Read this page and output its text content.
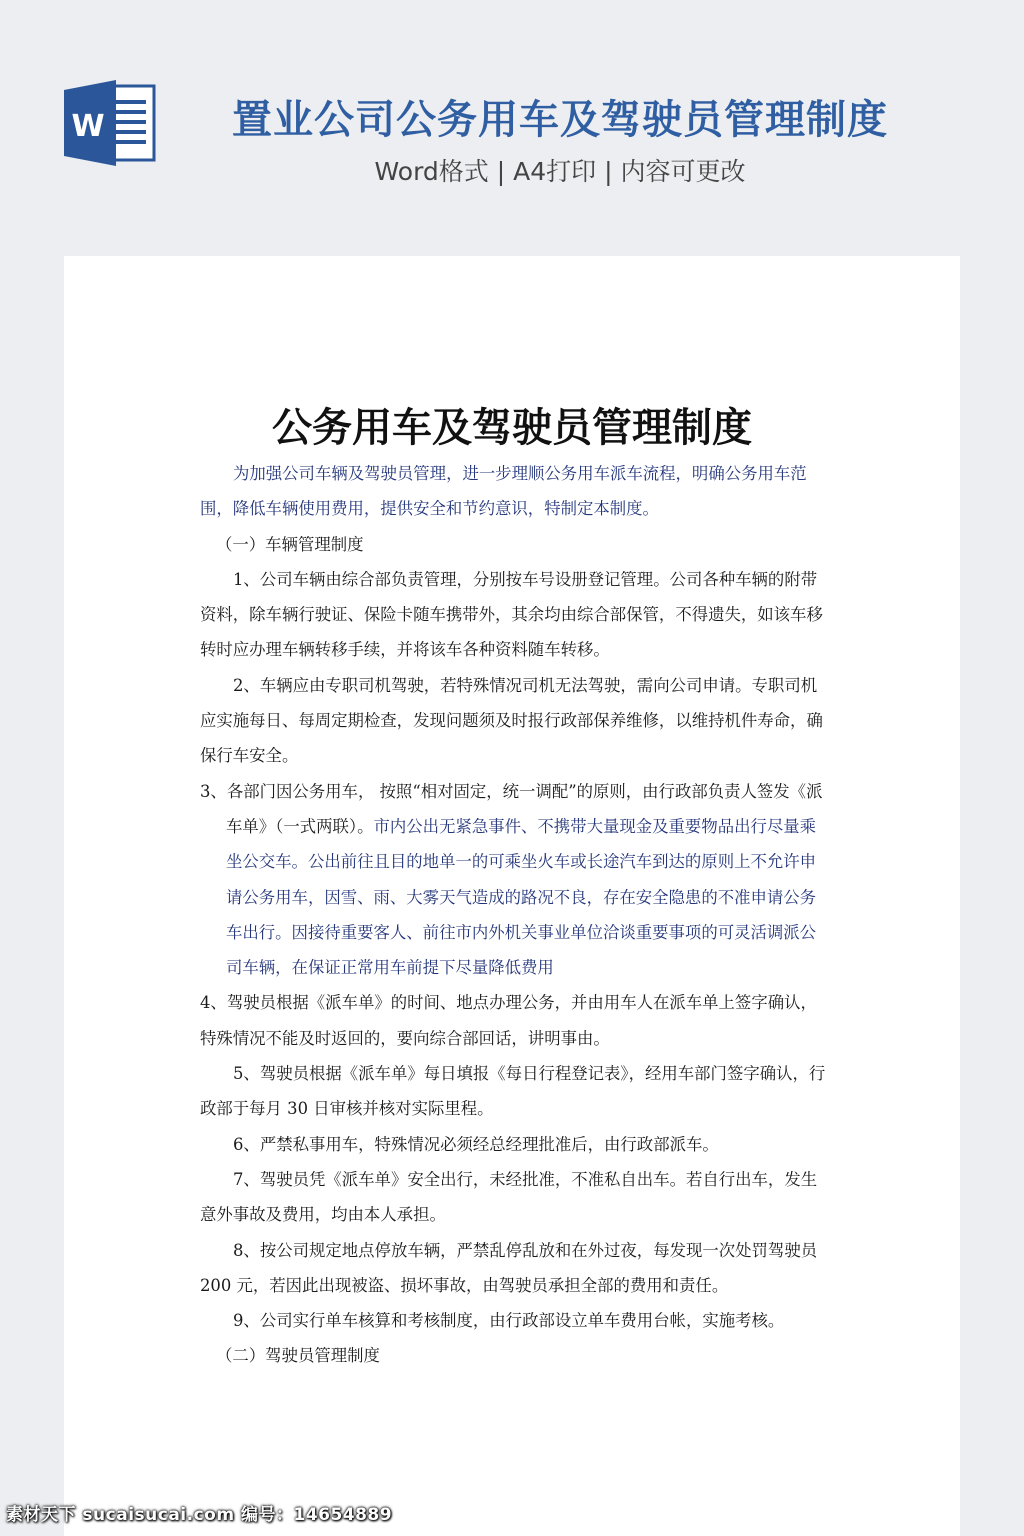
W	置业公司公务用车及驾驶员管理制度
Word格式 | A4打印 | 内容可更改
公务用车及驾驶员管理制度

为加强公司车辆及驾驶员管理，进一步理顺公务用车派车流程，明确公务用车范围，降低车辆使用费用，提供安全和节约意识，特制定本制度。

（一）车辆管理制度

1、公司车辆由综合部负责管理，分别按车号设册登记管理。公司各种车辆的附带资料，除车辆行驶证、保险卡随车携带外，其余均由综合部保管，不得遗失，如该车移转时应办理车辆转移手续，并将该车各种资料随车转移。

2、车辆应由专职司机驾驶，若特殊情况司机无法驾驶，需向公司申请。专职司机应实施每日、每周定期检查，发现问题须及时报行政部保养维修，以维持机件寿命，确保行车安全。

3、各部门因公务用车， 按照“相对固定，统一调配”的原则，由行政部负责人签发《派车单》（一式两联）。市内公出无紧急事件、不携带大量现金及重要物品出行尽量乘坐公交车。公出前往且目的地单一的可乘坐火车或长途汽车到达的原则上不允许申请公务用车，因雪、雨、大雾天气造成的路况不良，存在安全隐患的不准申请公务车出行。因接待重要客人、前往市内外机关事业单位洽谈重要事项的可灵活调派公司车辆，在保证正常用车前提下尽量降低费用

4、驾驶员根据《派车单》的时间、地点办理公务，并由用车人在派车单上签字确认，特殊情况不能及时返回的，要向综合部回话，讲明事由。

5、驾驶员根据《派车单》每日填报《每日行程登记表》，经用车部门签字确认，行政部于每月 30 日审核并核对实际里程。

6、严禁私事用车，特殊情况必须经总经理批准后，由行政部派车。

7、驾驶员凭《派车单》安全出行，未经批准，不准私自出车。若自行出车，发生意外事故及费用，均由本人承担。

8、按公司规定地点停放车辆，严禁乱停乱放和在外过夜，每发现一次处罚驾驶员 200 元，若因此出现被盗、损坏事故，由驾驶员承担全部的费用和责任。

9、公司实行单车核算和考核制度，由行政部设立单车费用台帐，实施考核。

（二）驾驶员管理制度

素材天下 sucaisucai.com 编号：14654889
